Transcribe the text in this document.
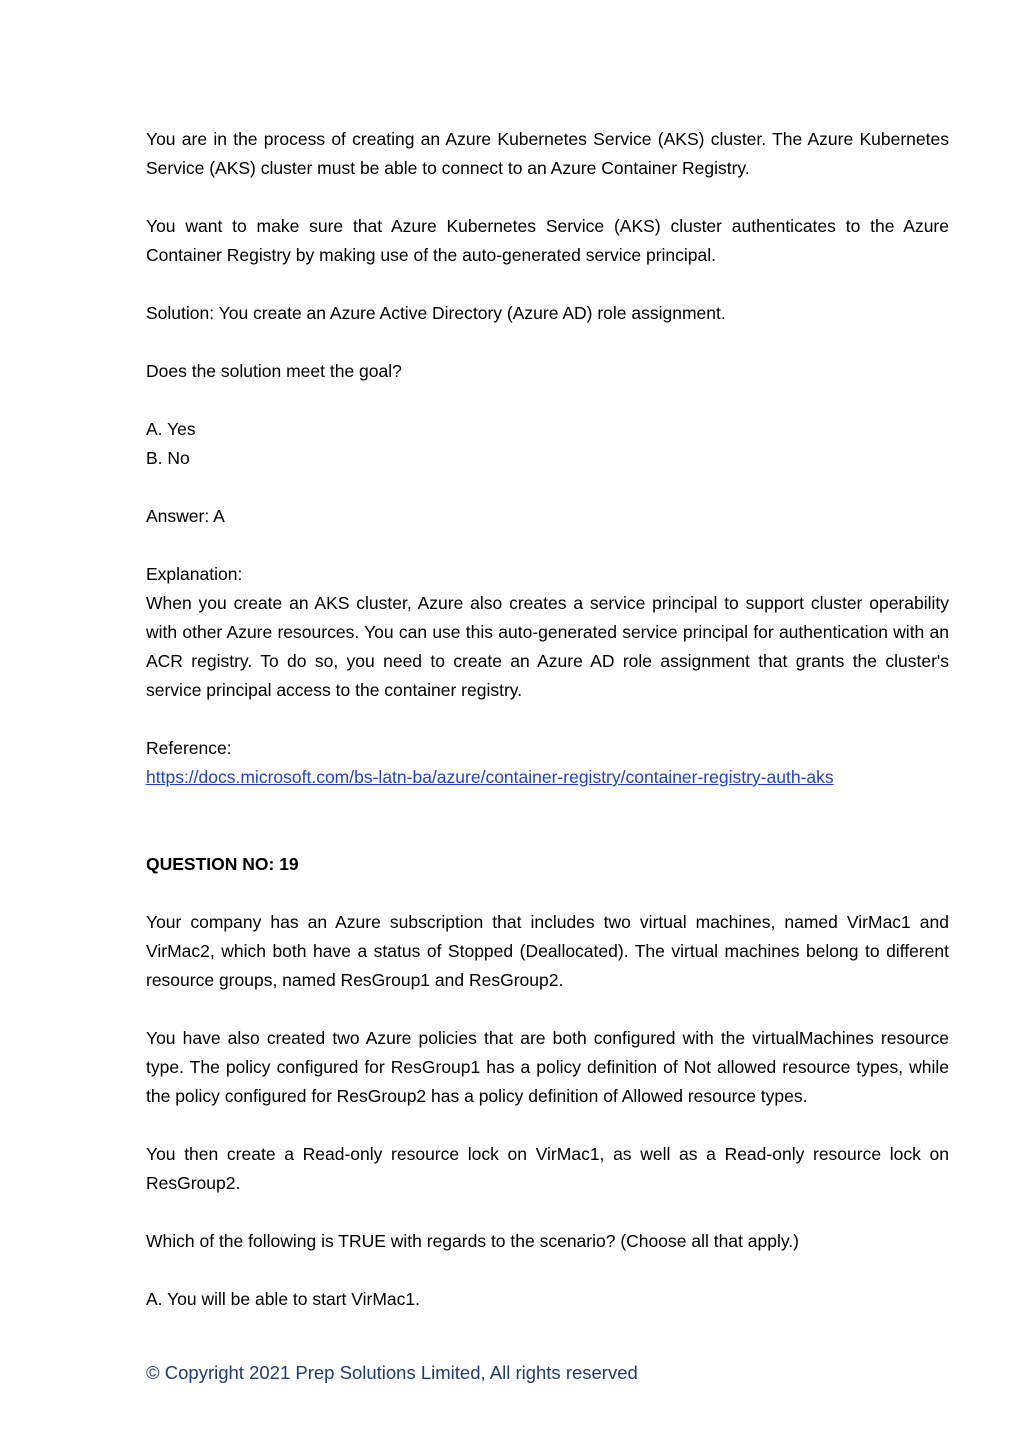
You are in the process of creating an Azure Kubernetes Service (AKS) cluster. The Azure Kubernetes Service (AKS) cluster must be able to connect to an Azure Container Registry.

You want to make sure that Azure Kubernetes Service (AKS) cluster authenticates to the Azure Container Registry by making use of the auto-generated service principal.

Solution: You create an Azure Active Directory (Azure AD) role assignment.

Does the solution meet the goal?

A. Yes
B. No

Answer: A

Explanation:
When you create an AKS cluster, Azure also creates a service principal to support cluster operability with other Azure resources. You can use this auto-generated service principal for authentication with an ACR registry. To do so, you need to create an Azure AD role assignment that grants the cluster's service principal access to the container registry.
Reference:
https://docs.microsoft.com/bs-latn-ba/azure/container-registry/container-registry-auth-aks

QUESTION NO: 19

Your company has an Azure subscription that includes two virtual machines, named VirMac1 and VirMac2, which both have a status of Stopped (Deallocated). The virtual machines belong to different resource groups, named ResGroup1 and ResGroup2.

You have also created two Azure policies that are both configured with the virtualMachines resource type. The policy configured for ResGroup1 has a policy definition of Not allowed resource types, while the policy configured for ResGroup2 has a policy definition of Allowed resource types.

You then create a Read-only resource lock on VirMac1, as well as a Read-only resource lock on ResGroup2.

Which of the following is TRUE with regards to the scenario? (Choose all that apply.)

A. You will be able to start VirMac1.
© Copyright 2021 Prep Solutions Limited, All rights reserved
